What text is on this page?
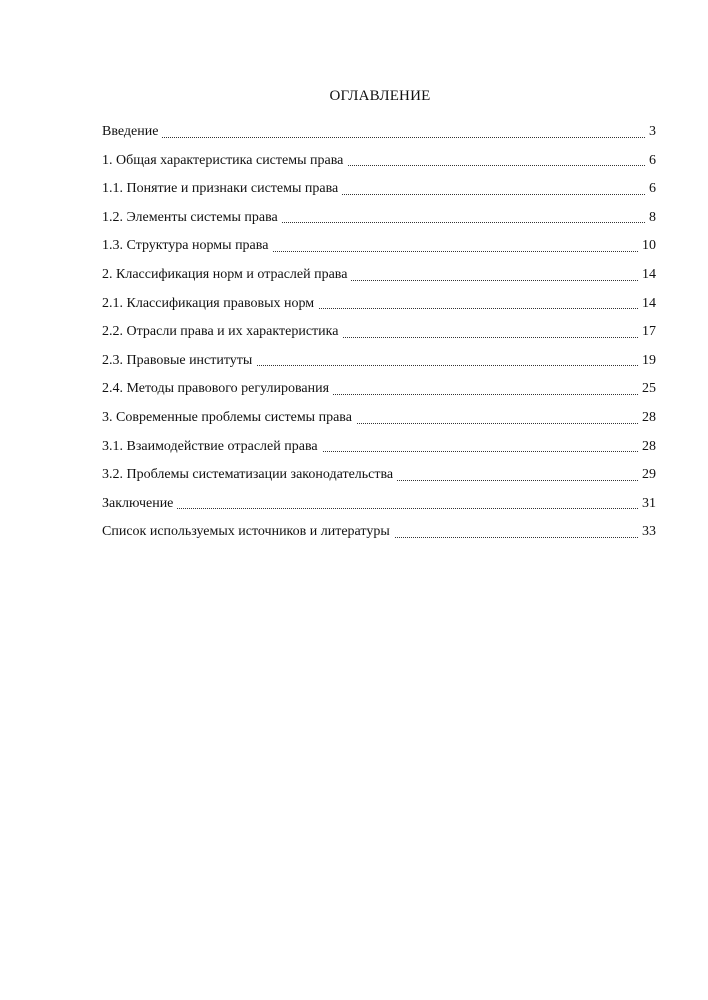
ОГЛАВЛЕНИЕ
Введение	3
1. Общая характеристика системы права	6
1.1. Понятие и признаки системы права	6
1.2. Элементы системы права	8
1.3. Структура нормы права	10
2. Классификация норм и отраслей права	14
2.1. Классификация правовых норм	14
2.2. Отрасли права и их характеристика	17
2.3. Правовые институты	19
2.4. Методы правового регулирования	25
3. Современные проблемы системы права	28
3.1. Взаимодействие отраслей права	28
3.2. Проблемы систематизации законодательства	29
Заключение	31
Список используемых источников и литературы	33
